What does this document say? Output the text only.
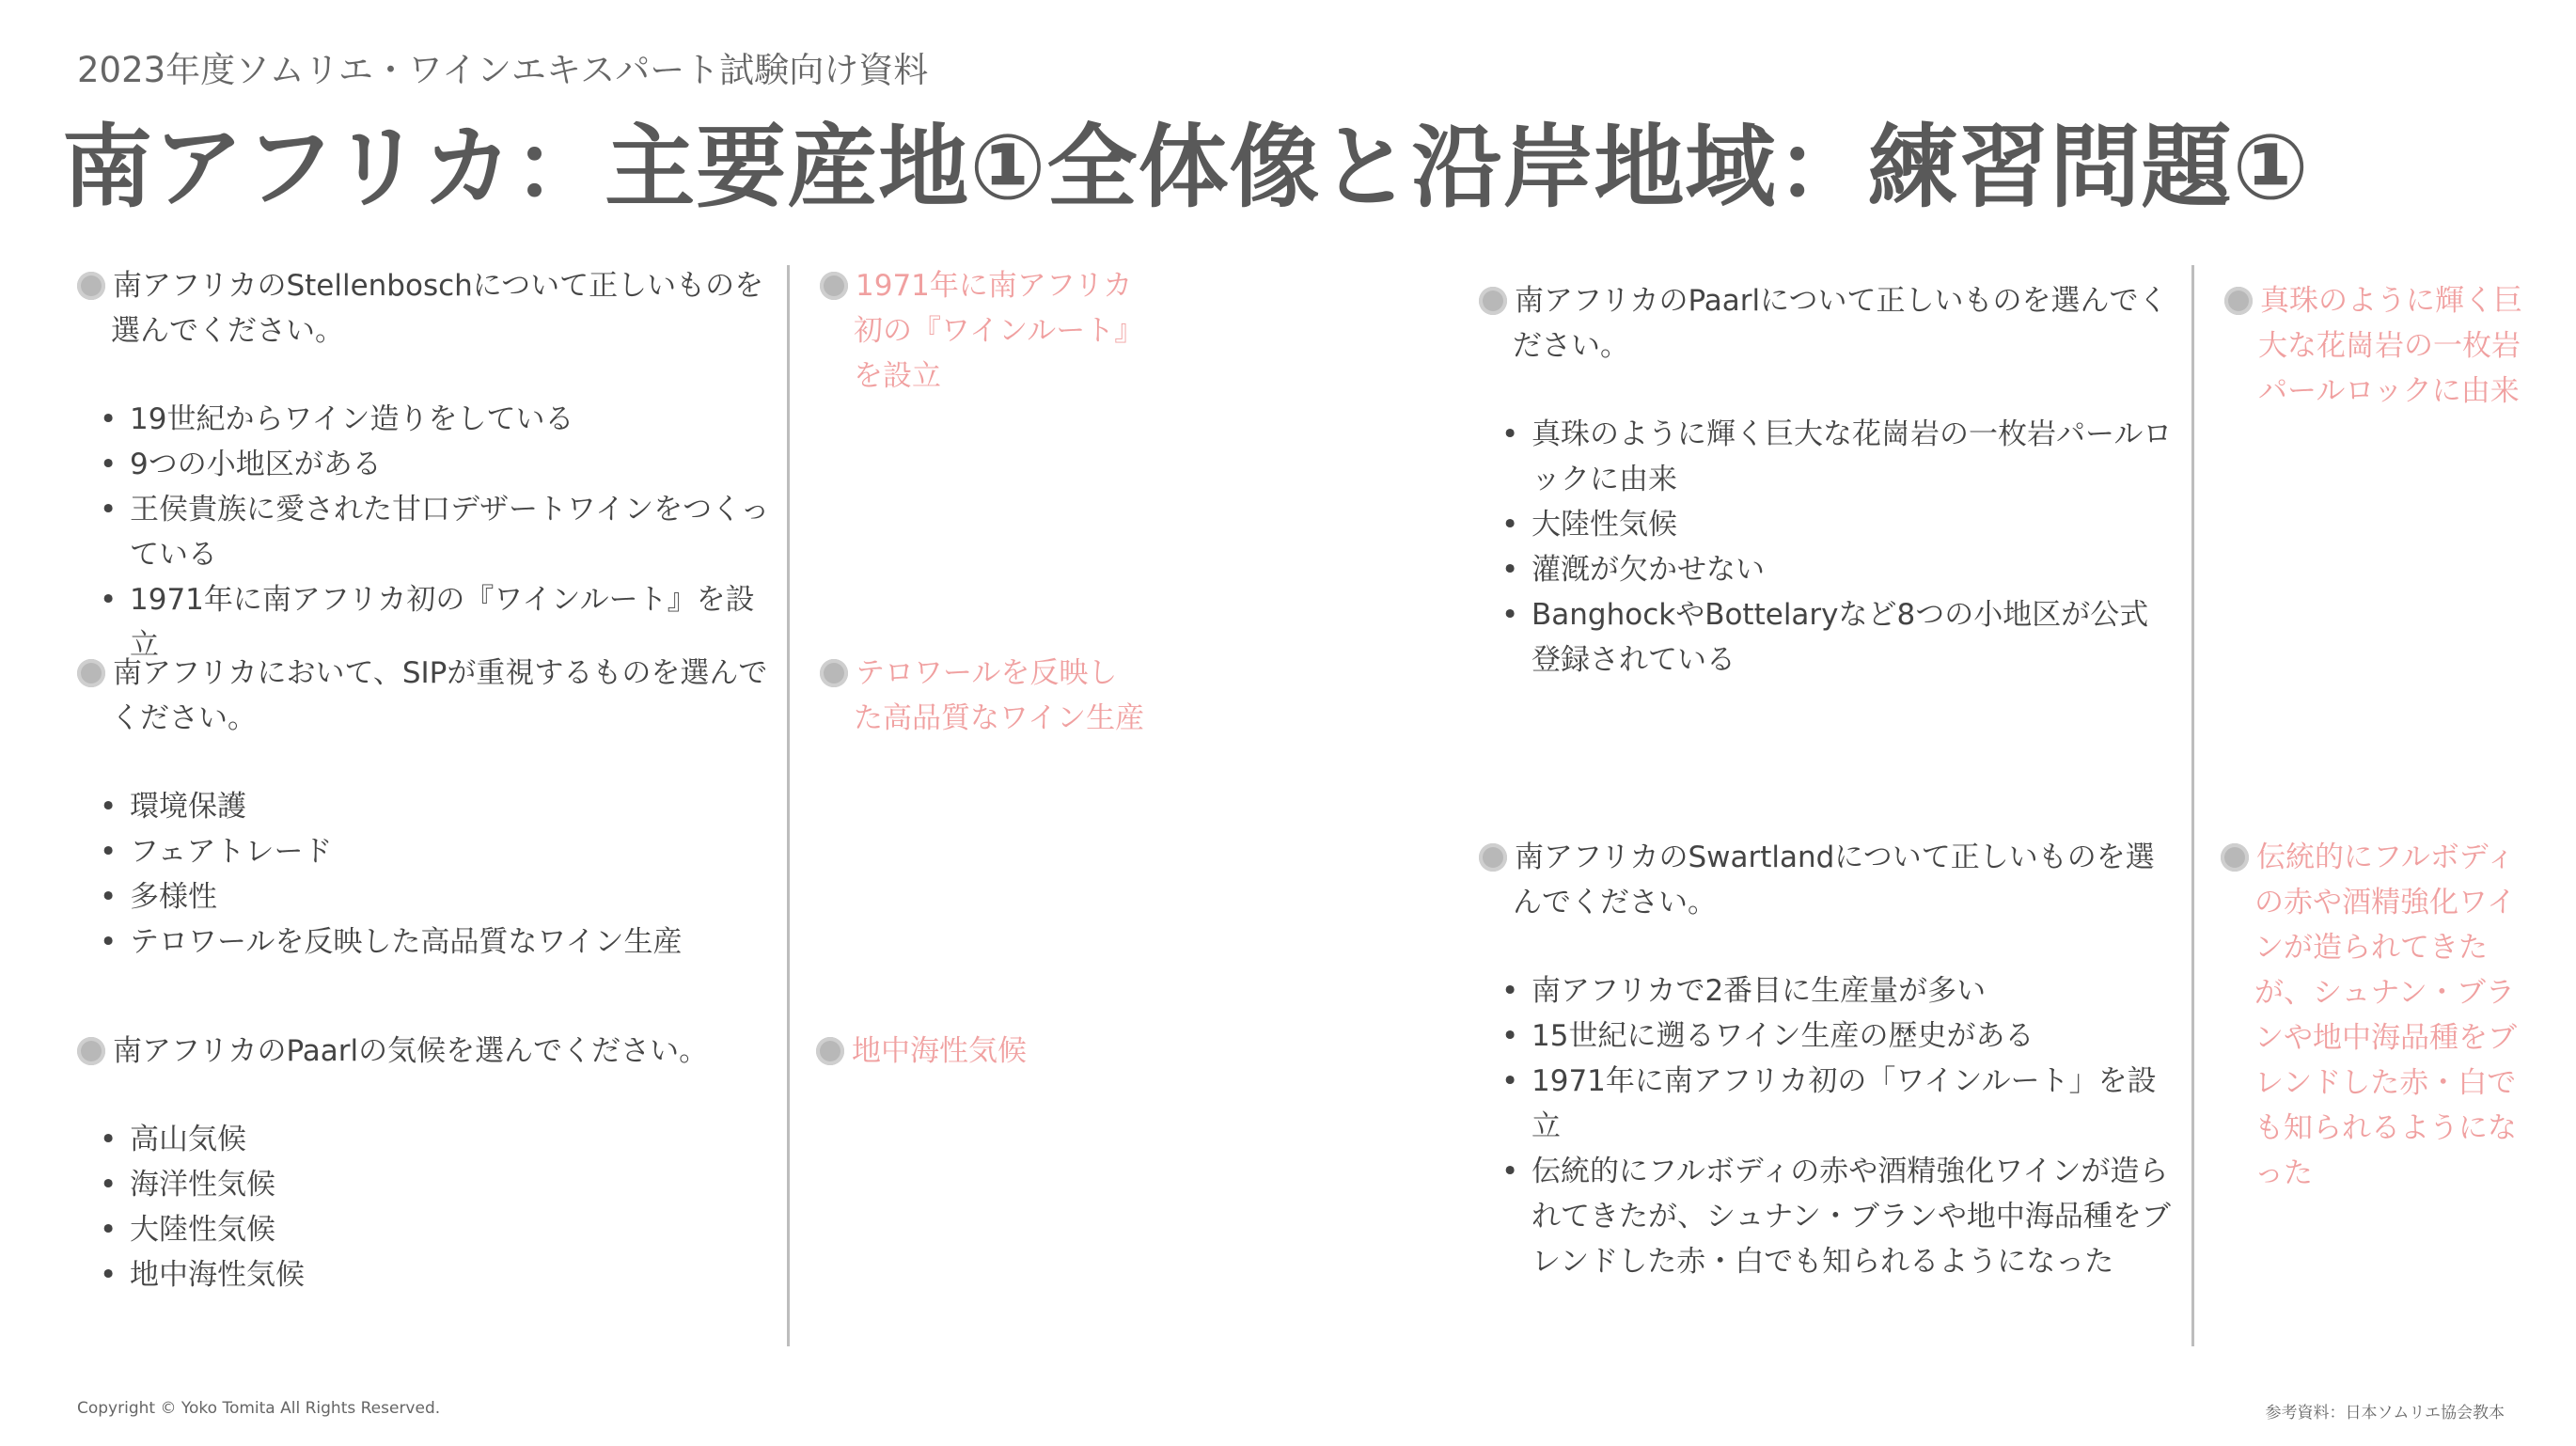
2023年度ソムリエ・ワインエキスパート試験向け資料
南アフリカ：主要産地①全体像と沿岸地域：練習問題①
南アフリカのStellenboschについて正しいものを選んでください。
• 19世紀からワイン造りをしている
• 9つの小地区がある
• 王侯貴族に愛された甘口デザートワインをつくっている
• 1971年に南アフリカ初の『ワインルート』を設立
1971年に南アフリカ初の『ワインルート』を設立
南アフリカにおいて、SIPが重視するものを選んでください。
• 環境保護
• フェアトレード
• 多様性
• テロワールを反映した高品質なワイン生産
テロワールを反映した高品質なワイン生産
南アフリカのPaarlの気候を選んでください。
• 高山気候
• 海洋性気候
• 大陸性気候
• 地中海性気候
地中海性気候
南アフリカのPaarlについて正しいものを選んでください。
• 真珠のように輝く巨大な花崗岩の一枚岩パールロックに由来
• 大陸性気候
• 灌漑が欠かせない
• BanghockやBottelaryなど8つの小地区が公式登録されている
真珠のように輝く巨大な花崗岩の一枚岩パールロックに由来
南アフリカのSwartlandについて正しいものを選んでください。
• 南アフリカで2番目に生産量が多い
• 15世紀に遡るワイン生産の歴史がある
• 1971年に南アフリカ初の「ワインルート」を設立
• 伝統的にフルボディの赤や酒精強化ワインが造られてきたが、シュナン・ブランや地中海品種をブレンドした赤・白でも知られるようになった
伝統的にフルボディの赤や酒精強化ワインが造られてきたが、シュナン・ブランや地中海品種をブレンドした赤・白でも知られるようになった
Copyright © Yoko Tomita All Rights Reserved.	参考資料：日本ソムリエ協会教本
